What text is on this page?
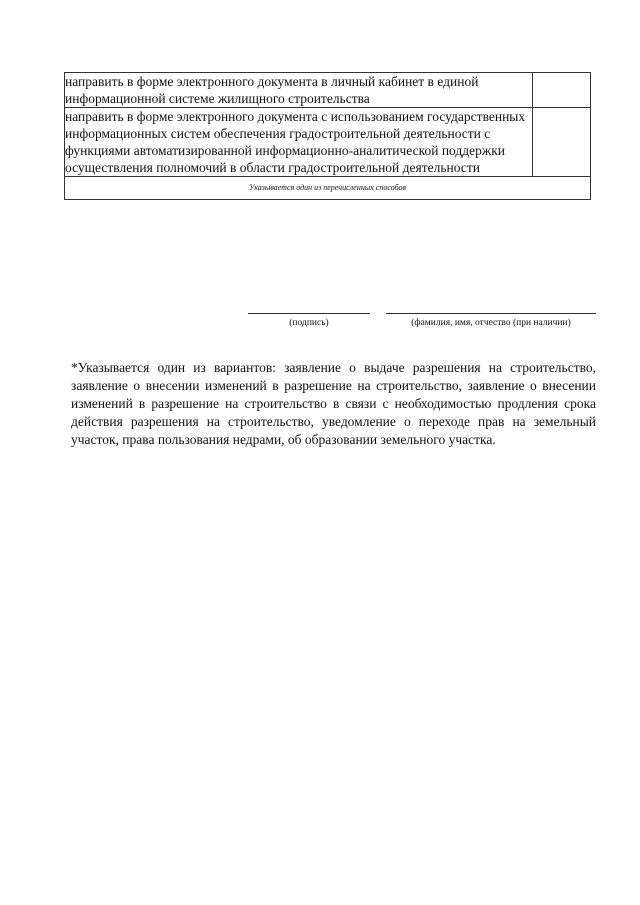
направить в форме электронного документа в личный кабинет в единой информационной системе жилищного строительства	
направить в форме электронного документа с использованием государственных информационных систем обеспечения градостроительной деятельности с функциями автоматизированной информационно-аналитической поддержки осуществления полномочий в области градостроительной деятельности	
Указывается один из перечисленных способов	
(подпись)	(фамилия, имя, отчество (при наличии)

*Указывается один из вариантов: заявление о выдаче разрешения на строительство, заявление о внесении изменений в разрешение на строительство, заявление о внесении изменений в разрешение на строительство в связи с необходимостью продления срока действия разрешения на строительство, уведомление о переходе прав на земельный участок, права пользования недрами, об образовании земельного участка.
